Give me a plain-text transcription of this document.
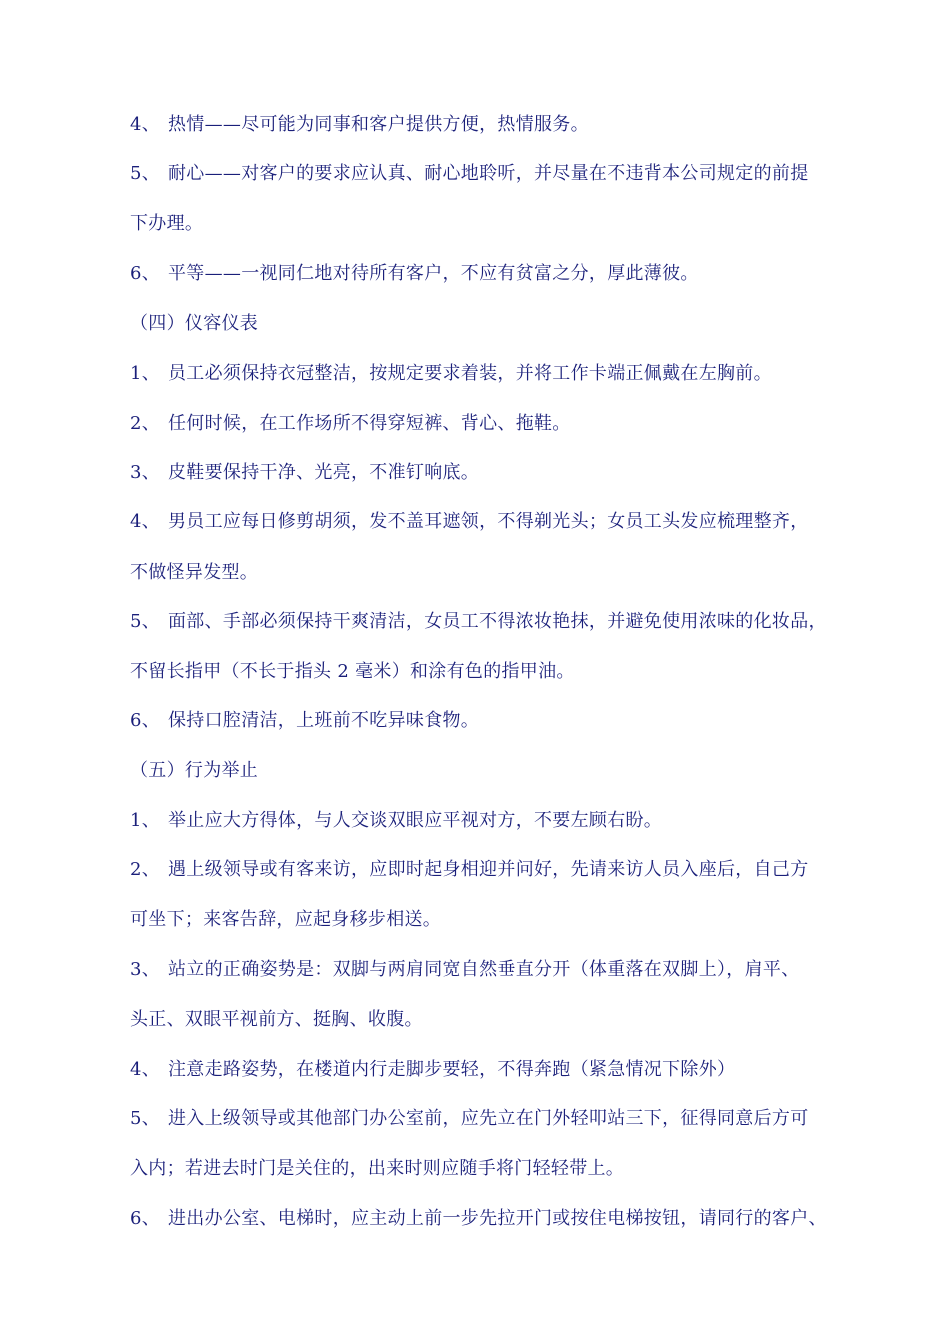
4、 热情——尽可能为同事和客户提供方便，热情服务。
5、 耐心——对客户的要求应认真、耐心地聆听，并尽量在不违背本公司规定的前提
下办理。
6、 平等——一视同仁地对待所有客户，不应有贫富之分，厚此薄彼。
（四）仪容仪表
1、 员工必须保持衣冠整洁，按规定要求着装，并将工作卡端正佩戴在左胸前。
2、 任何时候，在工作场所不得穿短裤、背心、拖鞋。
3、 皮鞋要保持干净、光亮，不准钉响底。
4、 男员工应每日修剪胡须，发不盖耳遮领，不得剃光头；女员工头发应梳理整齐，
不做怪异发型。
5、 面部、手部必须保持干爽清洁，女员工不得浓妆艳抹，并避免使用浓味的化妆品，
不留长指甲（不长于指头 2 毫米）和涂有色的指甲油。
6、 保持口腔清洁，上班前不吃异味食物。
（五）行为举止
1、 举止应大方得体，与人交谈双眼应平视对方，不要左顾右盼。
2、 遇上级领导或有客来访，应即时起身相迎并问好，先请来访人员入座后，自己方
可坐下；来客告辞，应起身移步相送。
3、 站立的正确姿势是：双脚与两肩同宽自然垂直分开（体重落在双脚上），肩平、
头正、双眼平视前方、挺胸、收腹。
4、 注意走路姿势，在楼道内行走脚步要轻，不得奔跑（紧急情况下除外）
5、 进入上级领导或其他部门办公室前，应先立在门外轻叩站三下，征得同意后方可
入内；若进去时门是关住的，出来时则应随手将门轻轻带上。
6、 进出办公室、电梯时，应主动上前一步先拉开门或按住电梯按钮，请同行的客户、
